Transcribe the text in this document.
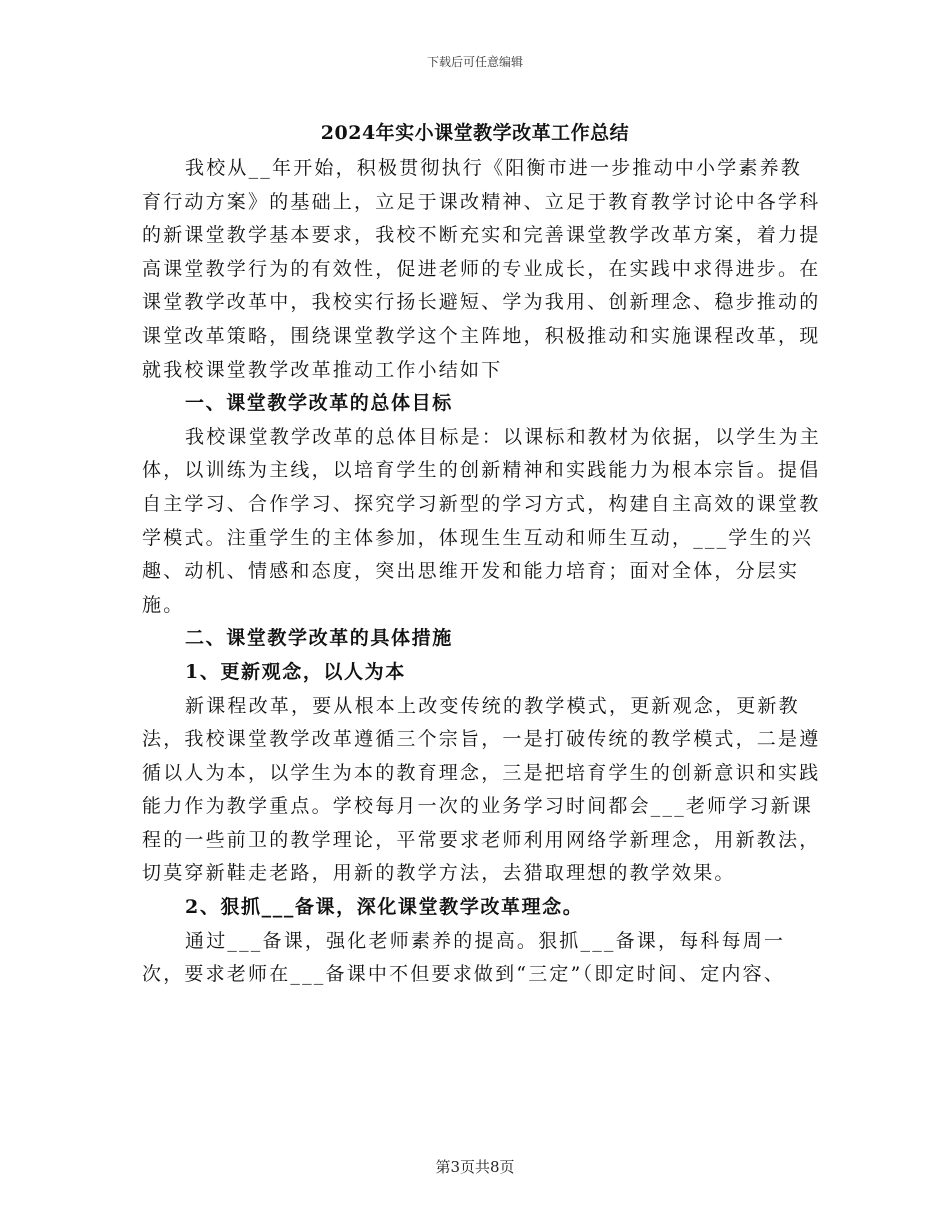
下载后可任意编辑
2024年实小课堂教学改革工作总结

我校从__年开始，积极贯彻执行《阳衡市进一步推动中小学素养教育行动方案》的基础上，立足于课改精神、立足于教育教学讨论中各学科的新课堂教学基本要求，我校不断充实和完善课堂教学改革方案，着力提高课堂教学行为的有效性，促进老师的专业成长，在实践中求得进步。在课堂教学改革中，我校实行扬长避短、学为我用、创新理念、稳步推动的课堂改革策略，围绕课堂教学这个主阵地，积极推动和实施课程改革，现就我校课堂教学改革推动工作小结如下

一、课堂教学改革的总体目标

我校课堂教学改革的总体目标是：以课标和教材为依据，以学生为主体，以训练为主线，以培育学生的创新精神和实践能力为根本宗旨。提倡自主学习、合作学习、探究学习新型的学习方式，构建自主高效的课堂教学模式。注重学生的主体参加，体现生生互动和师生互动，___学生的兴趣、动机、情感和态度，突出思维开发和能力培育；面对全体，分层实施。

二、课堂教学改革的具体措施

1、更新观念，以人为本

新课程改革，要从根本上改变传统的教学模式，更新观念，更新教法，我校课堂教学改革遵循三个宗旨，一是打破传统的教学模式，二是遵循以人为本，以学生为本的教育理念，三是把培育学生的创新意识和实践能力作为教学重点。学校每月一次的业务学习时间都会___老师学习新课程的一些前卫的教学理论，平常要求老师利用网络学新理念，用新教法，切莫穿新鞋走老路，用新的教学方法，去猎取理想的教学效果。

2、狠抓___备课，深化课堂教学改革理念。

通过___备课，强化老师素养的提高。狠抓___备课，每科每周一次，要求老师在___备课中不但要求做到“三定”（即定时间、定内容、

第3页共8页
